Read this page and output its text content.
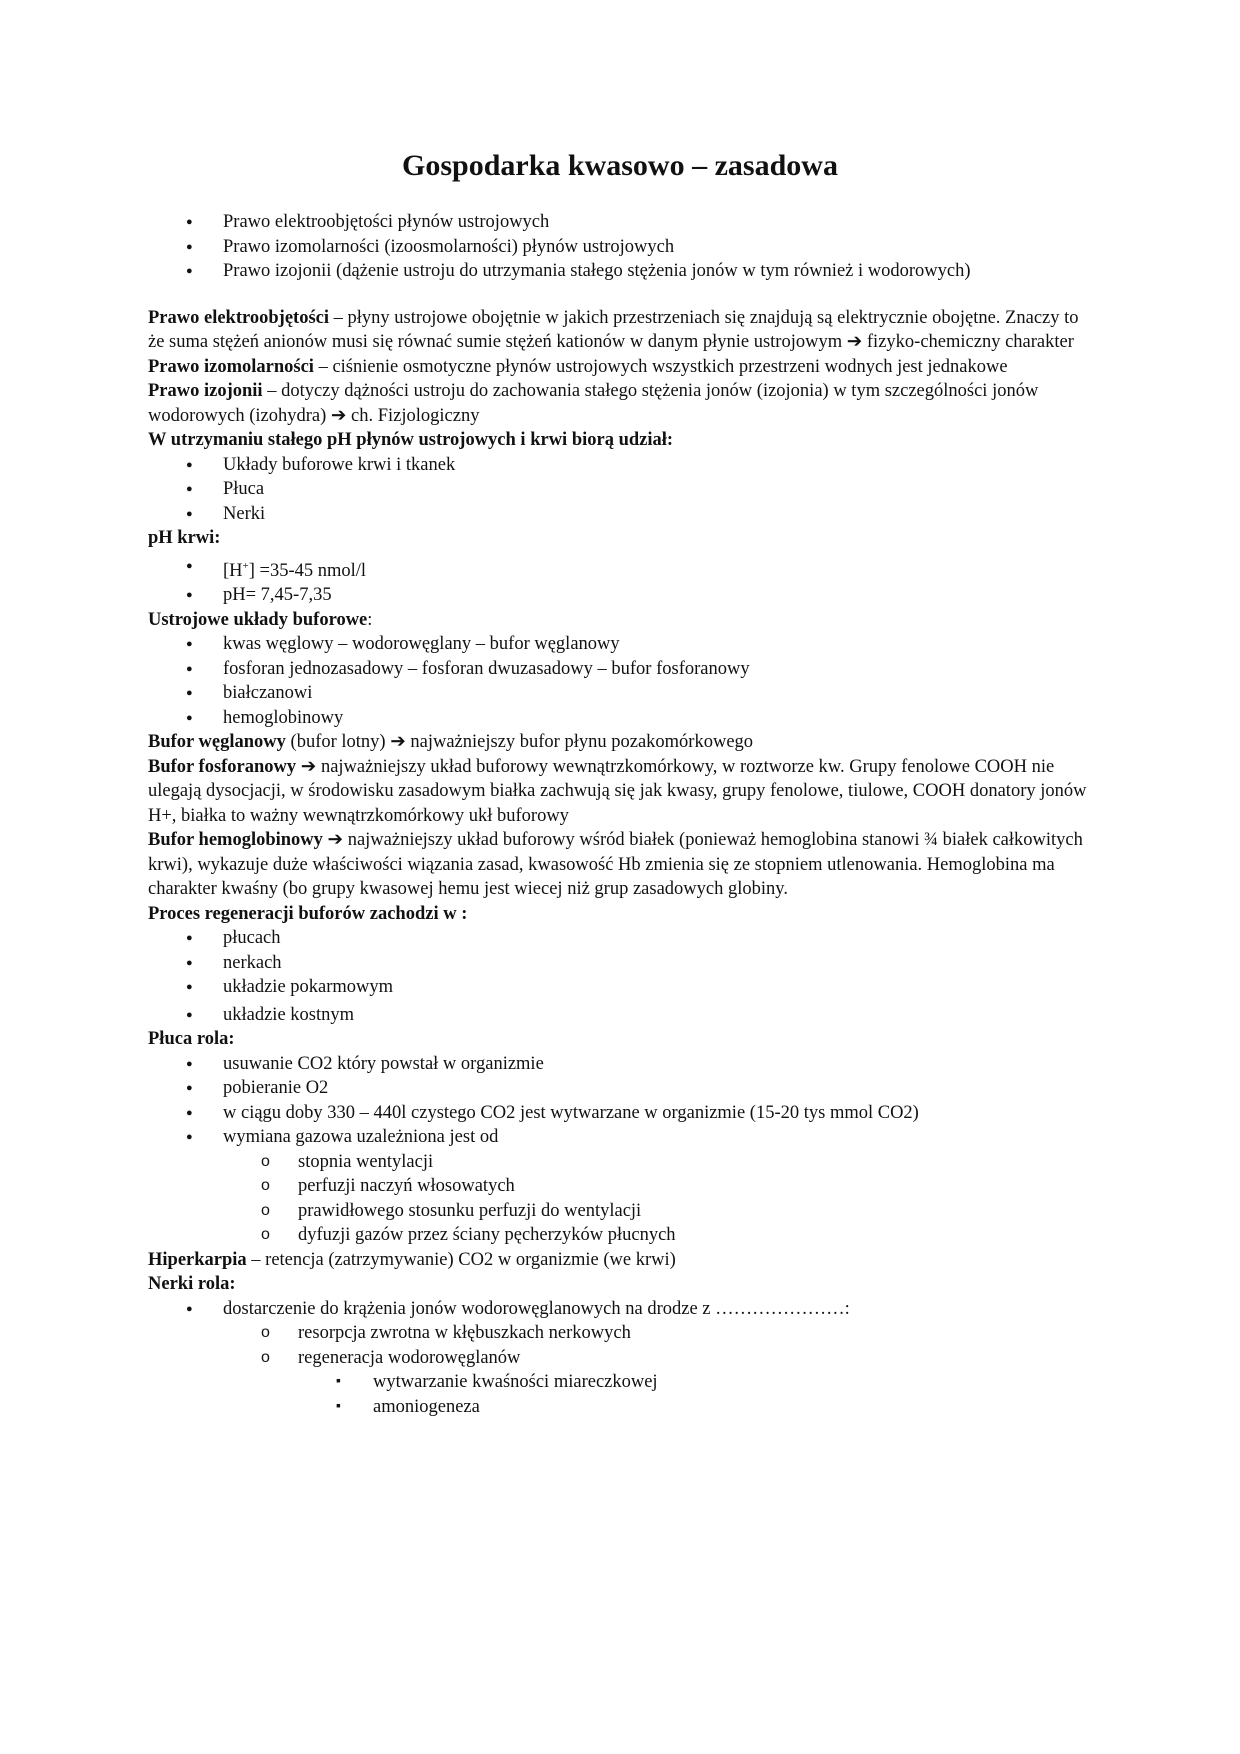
Gospodarka kwasowo – zasadowa
● Prawo elektroobjętości płynów ustrojowych
● Prawo izomolarności (izoosmolarności) płynów ustrojowych
● Prawo izojonii (dążenie ustroju do utrzymania stałego stężenia jonów w tym również i wodorowych)

Prawo elektroobjętości – płyny ustrojowe obojętnie w jakich przestrzeniach się znajdują są elektrycznie obojętne. Znaczy to że suma stężeń anionów musi się równać sumie stężeń kationów w danym płynie ustrojowym ➔ fizyko-chemiczny charakter

Prawo izomolarności – ciśnienie osmotyczne płynów ustrojowych wszystkich przestrzeni wodnych jest jednakowe

Prawo izojonii – dotyczy dążności ustroju do zachowania stałego stężenia jonów (izojonia) w tym szczególności jonów wodorowych (izohydra) ➔ ch. Fizjologiczny

W utrzymaniu stałego pH płynów ustrojowych i krwi biorą udział:

● Układy buforowe krwi i tkanek
● Płuca
● Nerki

pH krwi:

● [H+] =35-45 nmol/l
● pH= 7,45-7,35

Ustrojowe układy buforowe:

● kwas węglowy – wodorowęglany – bufor węglanowy
● fosforan jednozasadowy – fosforan dwuzasadowy – bufor fosforanowy
● białczanowi
● hemoglobinowy

Bufor węglanowy (bufor lotny) ➔ najważniejszy bufor płynu pozakomórkowego

Bufor fosforanowy ➔ najważniejszy układ buforowy wewnątrzkomórkowy, w roztworze kw. Grupy fenolowe COOH nie ulegają dysocjacji, w środowisku zasadowym białka zachwują się jak kwasy, grupy fenolowe, tiulowe, COOH donatory jonów H+, białka to ważny wewnątrzkomórkowy ukł buforowy

Bufor hemoglobinowy ➔ najważniejszy układ buforowy wśród białek (ponieważ hemoglobina stanowi ¾ białek całkowitych krwi), wykazuje duże właściwości wiązania zasad, kwasowość Hb zmienia się ze stopniem utlenowania. Hemoglobina ma charakter kwaśny (bo grupy kwasowej hemu jest wiecej niż grup zasadowych globiny.

Proces regeneracji buforów zachodzi w :

● płucach
● nerkach
● układzie pokarmowym
● układzie kostnym

Płuca rola:

● usuwanie CO2 który powstał w organizmie
● pobieranie O2
● w ciągu doby 330 – 440l czystego CO2 jest wytwarzane w organizmie (15-20 tys mmol CO2)
● wymiana gazowa uzależniona jest od
o stopnia wentylacji
o perfuzji naczyń włosowatych
o prawidłowego stosunku perfuzji do wentylacji
o dyfuzji gazów przez ściany pęcherzyków płucnych

Hiperkarpia – retencja (zatrzymywanie) CO2 w organizmie (we krwi)

Nerki rola:

● dostarczenie do krążenia jonów wodorowęglanowych na drodze z …………………:
o resorpcja zwrotna w kłębuszkach nerkowych
o regeneracja wodorowęglanów
▪ wytwarzanie kwaśności miareczkowej
▪ amoniogeneza
